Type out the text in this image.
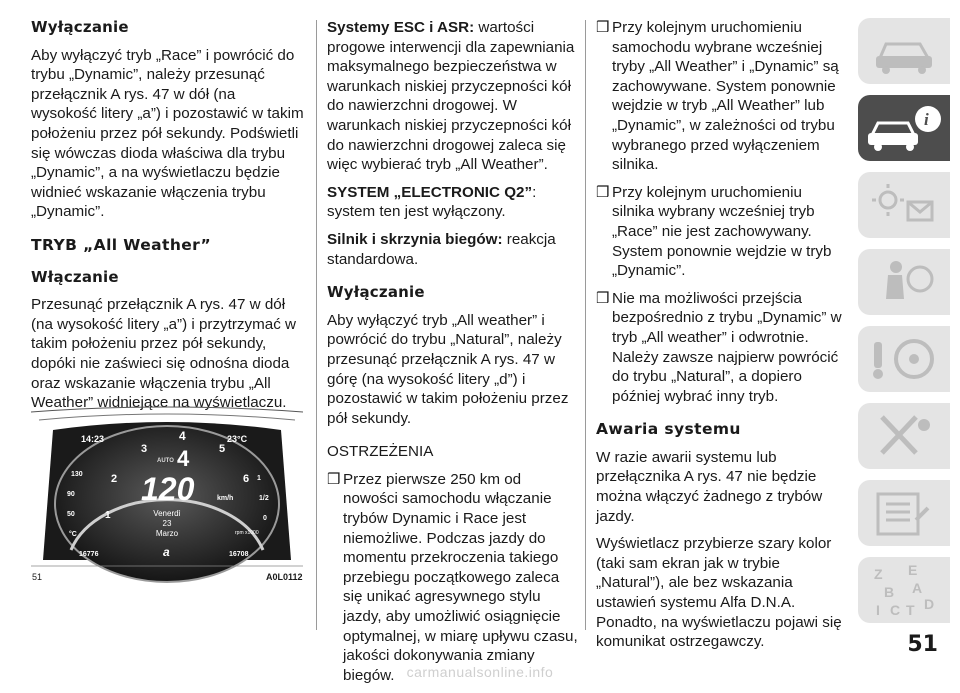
Wyłączanie

Aby wyłączyć tryb „Race” i powrócić do trybu „Dynamic”, należy przesunąć przełącznik A rys. 47 w dół (na wysokość litery „a”) i pozostawić w takim położeniu przez pół sekundy. Podświetli się wówczas dioda właściwa dla trybu „Dynamic”, a na wyświetlaczu będzie widnieć wskazanie włączenia trybu „Dynamic”.

TRYB „All Weather”
Włączanie

Przesunąć przełącznik A rys. 47 w dół (na wysokość litery „a”) i przytrzymać w takim położeniu przez pół sekundy, dopóki nie zaświeci się odnośna dioda oraz wskazanie włączenia trybu „All Weather” widniejące na wyświetlaczu.

14:23	23°C
130
90
50
°C
1
1/2
0
1
2
3
4
5
6
AUTO 4
120	km/h
Venerdì
23
Marzo
16776	16708
rpm x1000
a
51	A0L0112

Systemy ESC i ASR: wartości progowe interwencji dla zapewniania maksymalnego bezpieczeństwa w warunkach niskiej przyczepności kół do nawierzchni drogowej. W warunkach niskiej przyczepności kół do nawierzchni drogowej zaleca się więc wybierać tryb „All Weather”.

SYSTEM „ELECTRONIC Q2”: system ten jest wyłączony.

Silnik i skrzynia biegów: reakcja standardowa.

Wyłączanie

Aby wyłączyć tryb „All weather” i powrócić do trybu „Natural”, należy przesunąć przełącznik A rys. 47 w górę (na wysokość litery „d”) i pozostawić w takim położeniu przez pół sekundy.

OSTRZEŻENIA

❒ Przez pierwsze 250 km od nowości samochodu włączanie trybów Dynamic i Race jest niemożliwe. Podczas jazdy do momentu przekroczenia takiego przebiegu początkowego zaleca się unikać agresywnego stylu jazdy, aby umożliwić osiągnięcie optymalnej, w miarę upływu czasu, jakości dokonywania zmiany biegów.
❒ Przy kolejnym uruchomieniu samochodu wybrane wcześniej tryby „All Weather” i „Dynamic” są zachowywane. System ponownie wejdzie w tryb „All Weather” lub „Dynamic”, w zależności od trybu wybranego przed wyłączeniem silnika.
❒ Przy kolejnym uruchomieniu silnika wybrany wcześniej tryb „Race” nie jest zachowywany. System ponownie wejdzie w tryb „Dynamic”.
❒ Nie ma możliwości przejścia bezpośrednio z trybu „Dynamic” w tryb „All weather” i odwrotnie. Należy zawsze najpierw powrócić do trybu „Natural”, a dopiero później wybrać inny tryb.
Awaria systemu

W razie awarii systemu lub przełącznika A rys. 47 nie będzie można włączyć żadnego z trybów jazdy.

Wyświetlacz przybierze szary kolor (taki sam ekran jak w trybie „Natural”), ale bez wskazania ustawień systemu Alfa D.N.A. Ponadto, na wyświetlaczu pojawi się komunikat ostrzegawczy.

i
Z E
B A
I C T D
51
carmanualsonline.info
